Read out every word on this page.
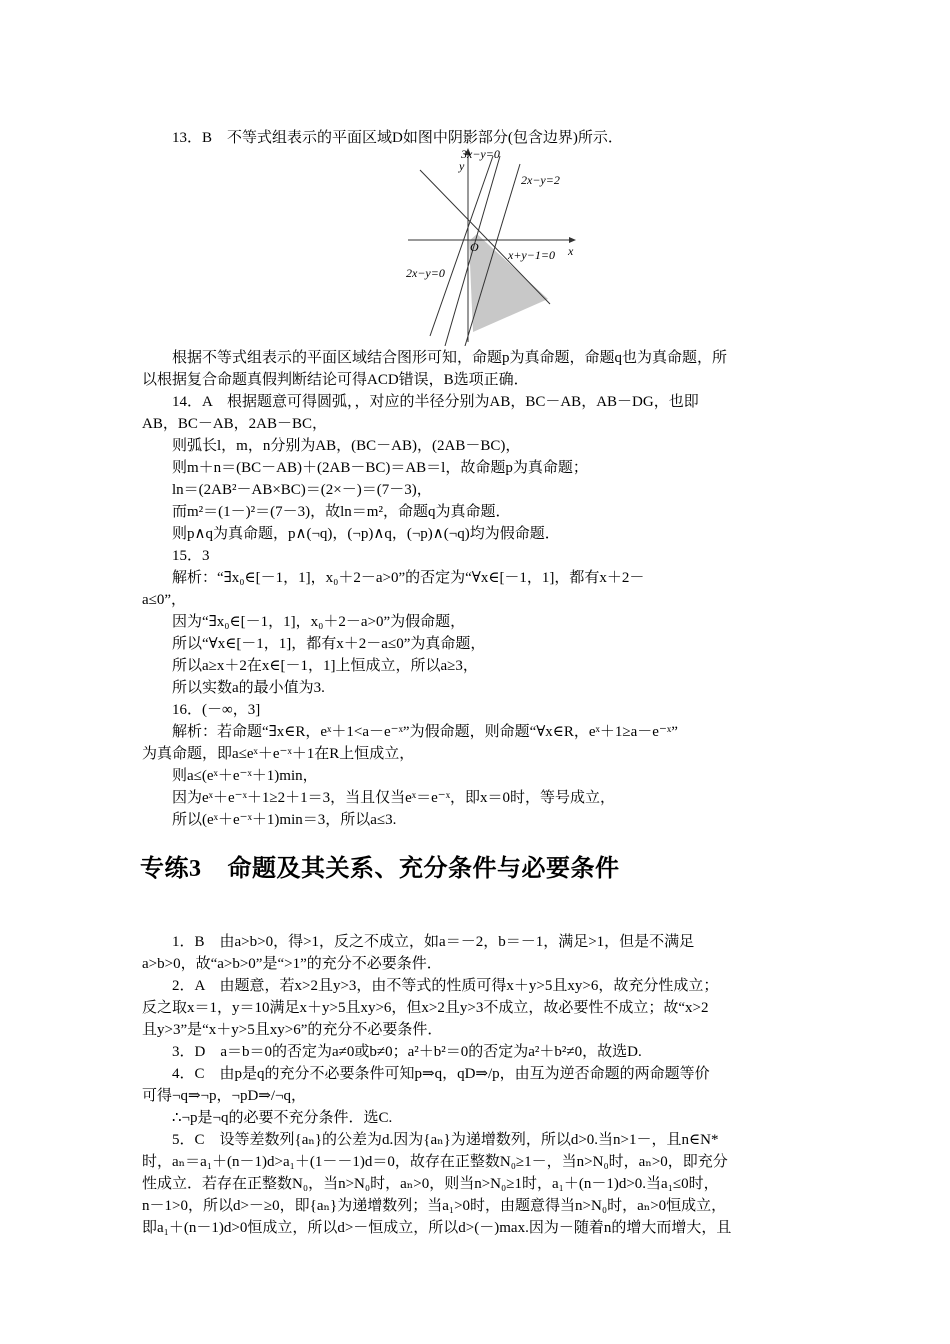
13．B　不等式组表示的平面区域D如图中阴影部分(包含边界)所示．
3x−y=0
2x−y=2
x+y−1=0
2x−y=0
O	x
y
根据不等式组表示的平面区域结合图形可知，命题p为真命题，命题q也为真命题，所
以根据复合命题真假判断结论可得ACD错误，B选项正确．
14．A　根据题意可得圆弧，，对应的半径分别为AB，BC－AB，AB－DG，也即
AB，BC－AB，2AB－BC，
则弧长l，m，n分别为AB，(BC－AB)，(2AB－BC)，
则m＋n＝(BC－AB)＋(2AB－BC)＝AB＝l，故命题p为真命题；
ln＝(2AB²－AB×BC)＝(2×－)＝(7－3)，
而m²＝(1－)²＝(7－3)，故ln＝m²，命题q为真命题．
则p∧q为真命题，p∧(¬q)，(¬p)∧q，(¬p)∧(¬q)均为假命题．
15．3
解析：“∃x₀∈[－1，1]，x₀＋2－a>0”的否定为“∀x∈[－1，1]，都有x＋2－
a≤0”，
因为“∃x₀∈[－1，1]，x₀＋2－a>0”为假命题，
所以“∀x∈[－1，1]，都有x＋2－a≤0”为真命题，
所以a≥x＋2在x∈[－1，1]上恒成立，所以a≥3，
所以实数a的最小值为3.
16．(－∞，3]
解析：若命题“∃x∈R，eˣ＋1<a－e⁻ˣ”为假命题，则命题“∀x∈R，eˣ＋1≥a－e⁻ˣ”
为真命题，即a≤eˣ＋e⁻ˣ＋1在R上恒成立，
则a≤(eˣ＋e⁻ˣ＋1)min，
因为eˣ＋e⁻ˣ＋1≥2＋1＝3，当且仅当eˣ＝e⁻ˣ，即x＝0时，等号成立，
所以(eˣ＋e⁻ˣ＋1)min＝3，所以a≤3.
专练3 命题及其关系、充分条件与必要条件
1．B　由a>b>0，得>1，反之不成立，如a＝－2，b＝－1，满足>1，但是不满足
a>b>0，故“a>b>0”是“>1”的充分不必要条件．
2．A　由题意，若x>2且y>3，由不等式的性质可得x＋y>5且xy>6，故充分性成立；
反之取x＝1，y＝10满足x＋y>5且xy>6，但x>2且y>3不成立，故必要性不成立；故“x>2
且y>3”是“x＋y>5且xy>6”的充分不必要条件．
3．D　a＝b＝0的否定为a≠0或b≠0；a²＋b²＝0的否定为a²＋b²≠0，故选D.
4．C　由p是q的充分不必要条件可知p⇒q，qD⇒/p，由互为逆否命题的两命题等价
可得¬q⇒¬p，¬pD⇒/¬q，
∴¬p是¬q的必要不充分条件．选C.
5．C　设等差数列{aₙ}的公差为d.因为{aₙ}为递增数列，所以d>0.当n>1－，且n∈N*
时，aₙ＝a₁＋(n－1)d>a₁＋(1－－1)d＝0，故存在正整数N₀≥1－，当n>N₀时，aₙ>0，即充分
性成立．若存在正整数N₀，当n>N₀时，aₙ>0，则当n>N₀≥1时，a₁＋(n－1)d>0.当a₁≤0时，
n－1>0，所以d>－≥0，即{aₙ}为递增数列；当a₁>0时，由题意得当n>N₀时，aₙ>0恒成立，
即a₁＋(n－1)d>0恒成立，所以d>－恒成立，所以d>(－)max.因为－随着n的增大而增大，且
